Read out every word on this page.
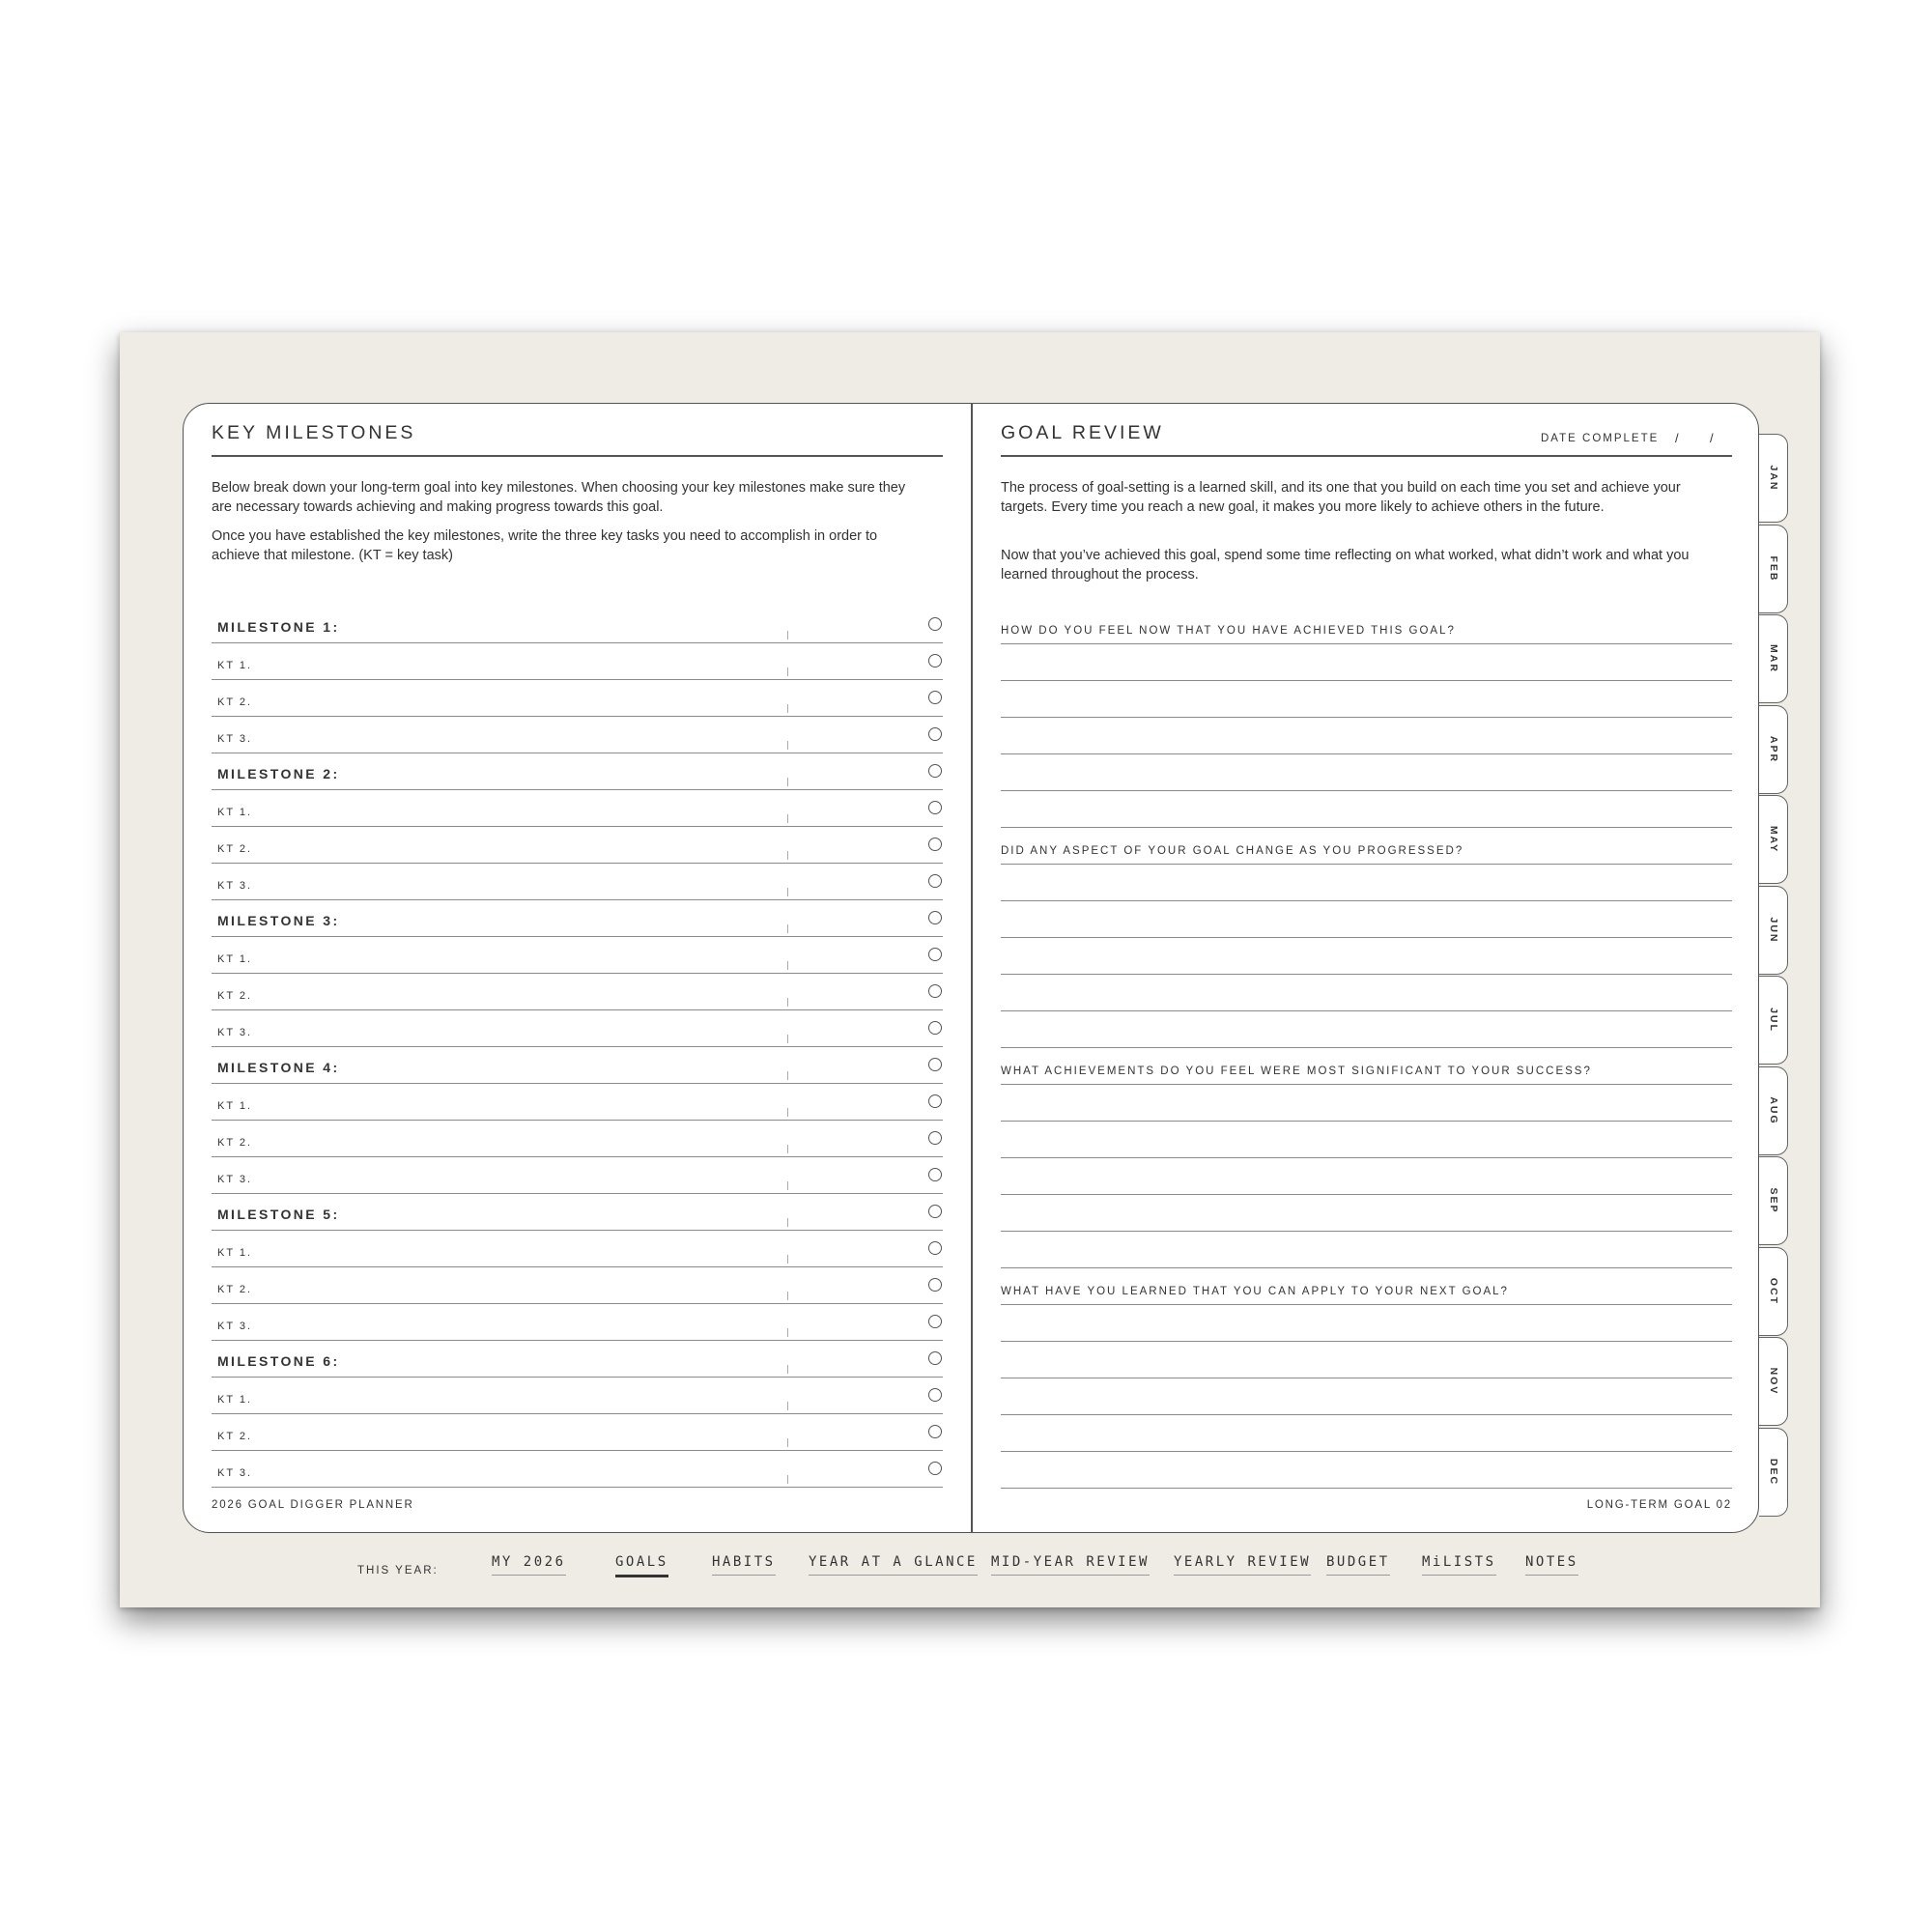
KEY MILESTONES

Below break down your long-term goal into key milestones. When choosing your key milestones make sure they are necessary towards achieving and making progress towards this goal.

Once you have established the key milestones, write the three key tasks you need to accomplish in order to achieve that milestone. (KT = key task)

MILESTONE 1:
KT 1.
KT 2.
KT 3.
MILESTONE 2:
KT 1.
KT 2.
KT 3.
MILESTONE 3:
KT 1.
KT 2.
KT 3.
MILESTONE 4:
KT 1.
KT 2.
KT 3.
MILESTONE 5:
KT 1.
KT 2.
KT 3.
MILESTONE 6:
KT 1.
KT 2.
KT 3.
2026 GOAL DIGGER PLANNER
GOAL REVIEW	DATE COMPLETE / /

The process of goal-setting is a learned skill, and its one that you build on each time you set and achieve your targets. Every time you reach a new goal, it makes you more likely to achieve others in the future.

Now that you’ve achieved this goal, spend some time reflecting on what worked, what didn’t work and what you learned throughout the process.

HOW DO YOU FEEL NOW THAT YOU HAVE ACHIEVED THIS GOAL?
DID ANY ASPECT OF YOUR GOAL CHANGE AS YOU PROGRESSED?
WHAT ACHIEVEMENTS DO YOU FEEL WERE MOST SIGNIFICANT TO YOUR SUCCESS?
WHAT HAVE YOU LEARNED THAT YOU CAN APPLY TO YOUR NEXT GOAL?
LONG-TERM GOAL 02
JAN
FEB
MAR
APR
MAY
JUN
JUL
AUG
SEP
OCT
NOV
DEC
THIS YEAR:
MY 2026	GOALS	HABITS YEAR AT A GLANCE MID-YEAR REVIEW YEARLY REVIEW BUDGET MiLISTS NOTES
